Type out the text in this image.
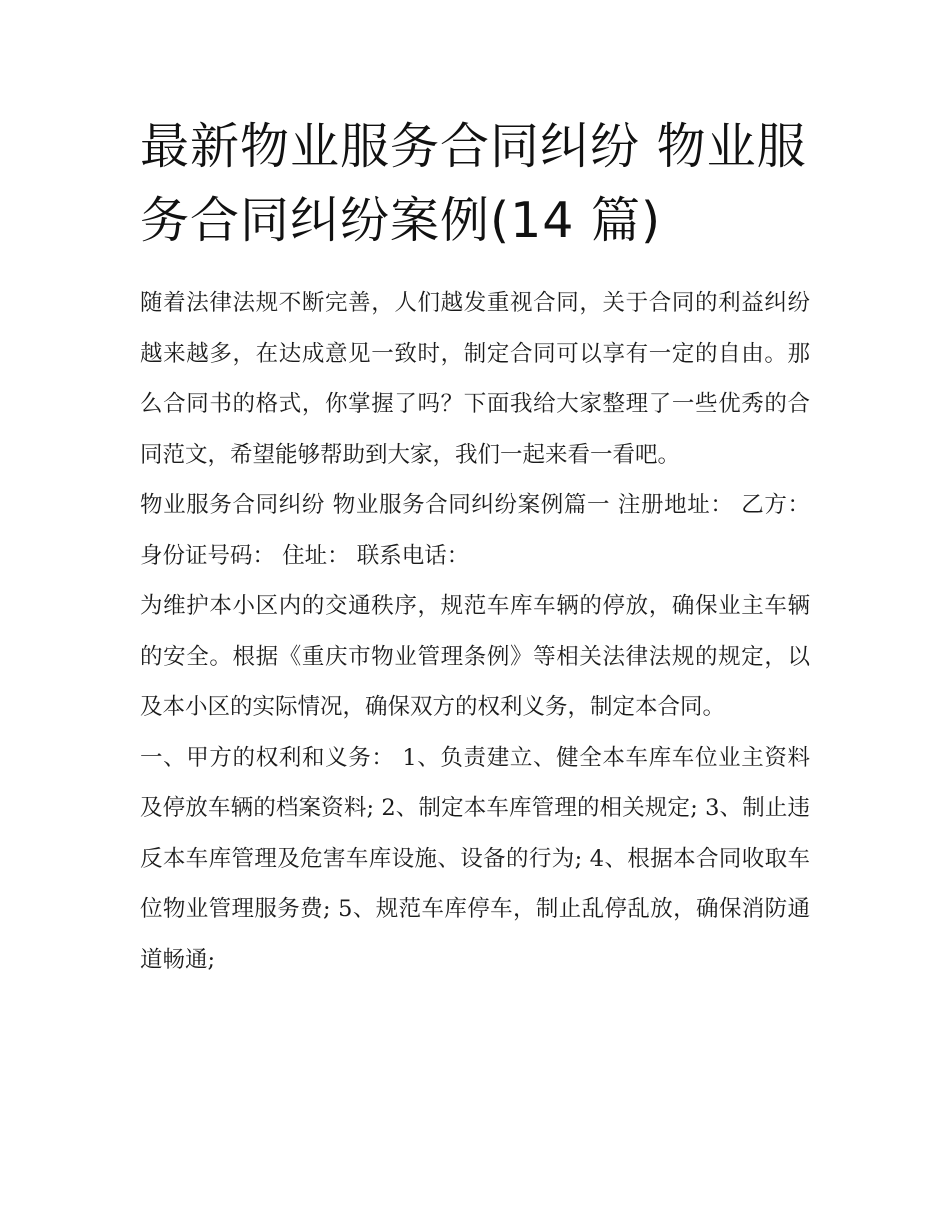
最新物业服务合同纠纷 物业服务合同纠纷案例(14 篇)

随着法律法规不断完善，人们越发重视合同，关于合同的利益纠纷越来越多，在达成意见一致时，制定合同可以享有一定的自由。那么合同书的格式，你掌握了吗？下面我给大家整理了一些优秀的合同范文，希望能够帮助到大家，我们一起来看一看吧。

物业服务合同纠纷 物业服务合同纠纷案例篇一 注册地址： 乙方： 身份证号码： 住址： 联系电话：

为维护本小区内的交通秩序，规范车库车辆的停放，确保业主车辆的安全。根据《重庆市物业管理条例》等相关法律法规的规定，以及本小区的实际情况，确保双方的权利义务，制定本合同。

一、甲方的权利和义务： 1、负责建立、健全本车库车位业主资料及停放车辆的档案资料; 2、制定本车库管理的相关规定; 3、制止违反本车库管理及危害车库设施、设备的行为; 4、根据本合同收取车位物业管理服务费; 5、规范车库停车，制止乱停乱放，确保消防通道畅通;
